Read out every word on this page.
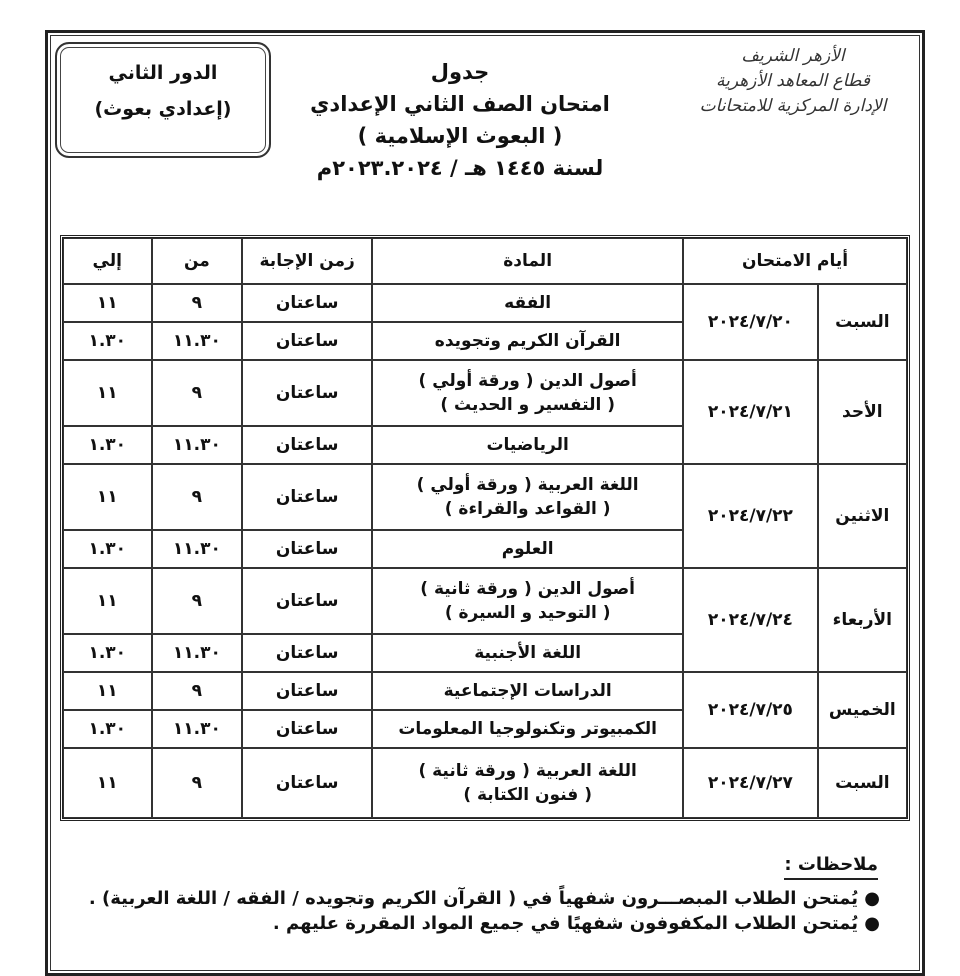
الأزهر الشريف
قطاع المعاهد الأزهرية
الإدارة المركزية للامتحانات
الدور الثاني
(إعدادي بعوث)
جدول
امتحان الصف الثاني الإعدادي
( البعوث الإسلامية )
لسنة ١٤٤٥ هـ / ٢٠٢٣.٢٠٢٤م
أيام الامتحان		المادة	زمن الإجابة	من	إلي
السبت	٢٠٢٤/٧/٢٠	الفقه	ساعتان	٩	١١

		القرآن الكريم وتجويده	ساعتان	١١.٣٠	١.٣٠
الأحد	٢٠٢٤/٧/٢١	أصول الدين ( ورقة أولي )
( التفسير و الحديث )	ساعتان	٩	١١

		الرياضيات	ساعتان	١١.٣٠	١.٣٠
الاثنين	٢٠٢٤/٧/٢٢	اللغة العربية ( ورقة أولي )
( القواعد والقراءة )	ساعتان	٩	١١

		العلوم	ساعتان	١١.٣٠	١.٣٠
الأربعاء	٢٠٢٤/٧/٢٤	أصول الدين ( ورقة ثانية )
( التوحيد و السيرة )	ساعتان	٩	١١

		اللغة الأجنبية	ساعتان	١١.٣٠	١.٣٠
الخميس	٢٠٢٤/٧/٢٥	الدراسات الإجتماعية	ساعتان	٩	١١

		الكمبيوتر وتكنولوجيا المعلومات	ساعتان	١١.٣٠	١.٣٠
السبت	٢٠٢٤/٧/٢٧	اللغة العربية ( ورقة ثانية )
( فنون الكتابة )	ساعتان	٩	١١
ملاحظات :
● يُمتحن الطلاب المبصـــرون شفهياً في ( القرآن الكريم وتجويده / الفقه / اللغة العربية) .
● يُمتحن الطلاب المكفوفون شفهيًا في جميع المواد المقررة عليهم .
